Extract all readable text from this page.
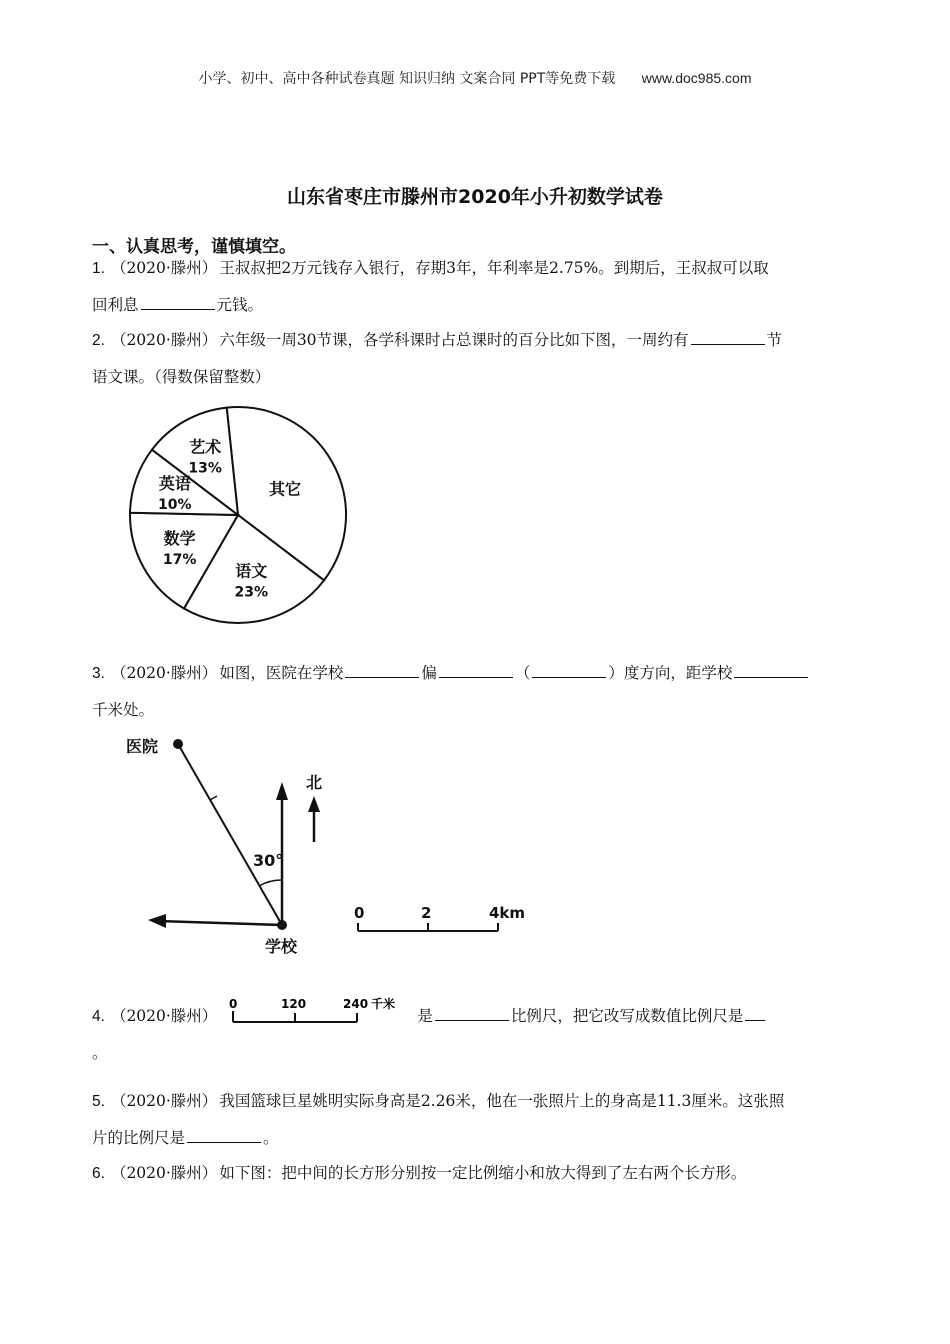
小学、初中、高中各种试卷真题 知识归纳 文案合同 PPT等免费下载 www.doc985.com
山东省枣庄市滕州市2020年小升初数学试卷
一、认真思考，谨慎填空。
1. （2020·滕州） 王叔叔把2万元钱存入银行，存期3年，年利率是2.75%。到期后，王叔叔可以取
回利息	元钱。
2. （2020·滕州） 六年级一周30节课，各学科课时占总课时的百分比如下图，一周约有	节
语文课。（得数保留整数）
其它
语文
23%
数学
17%
英语
10%
艺术
13%
3. （2020·滕州） 如图，医院在学校	偏	（	）度方向，距学校
千米处。
医院
30°
学校
北
0	2	4km
4. （2020·滕州）
0	120	240 千米
是	比例尺，把它改写成数值比例尺是
。
5. （2020·滕州） 我国篮球巨星姚明实际身高是2.26米，他在一张照片上的身高是11.3厘米。这张照
片的比例尺是	。
6. （2020·滕州） 如下图：把中间的长方形分别按一定比例缩小和放大得到了左右两个长方形。
